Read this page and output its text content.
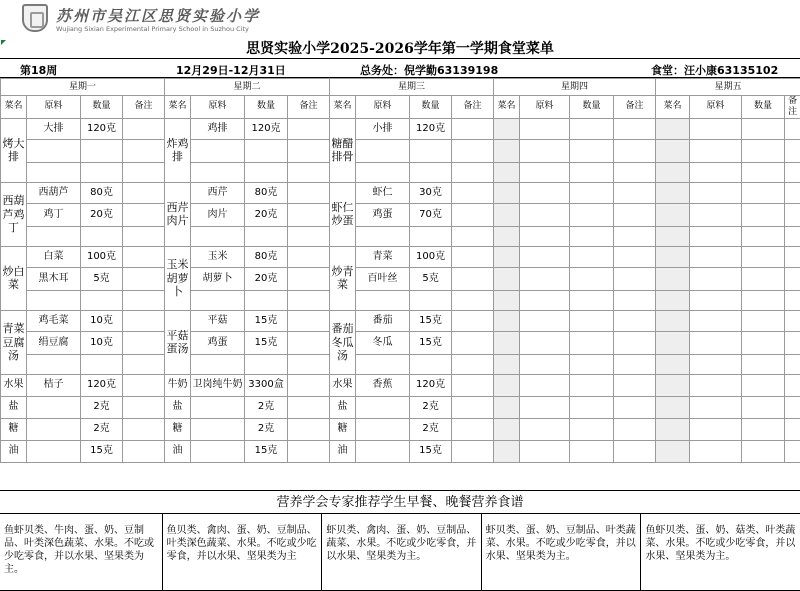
苏州市吴江区思贤实验小学
Wujiang Sixian Experimental Primary School in Suzhou City
思贤实验小学2025-2026学年第一学期食堂菜单
第18周	12月29日-12月31日	总务处：倪学勤63139198	食堂：汪小康63135102
星期一				星期二				星期三				星期四				星期五			
菜名	原料	数量	备注	菜名	原料	数量	备注	菜名	原料	数量	备注	菜名	原料	数量	备注	菜名	原料	数量	备注
烤大排	大排	120克		炸鸡排	鸡排	120克		糖醋排骨	小排	120克									

西葫芦鸡丁	西葫芦	80克		西芹肉片	西芹	80克		虾仁炒蛋	虾仁	30克									
	鸡丁	20克			肉片	20克			鸡蛋	70克									

炒白菜	白菜	100克		玉米胡萝卜	玉米	80克		炒青菜	青菜	100克									
	黑木耳	5克			胡萝卜	20克			百叶丝	5克									

青菜豆腐汤	鸡毛菜	10克		平菇蛋汤	平菇	15克		番茄冬瓜汤	番茄	15克									
	绢豆腐	10克			鸡蛋	15克			冬瓜	15克									

水果	桔子	120克		牛奶	卫岗纯牛奶	3300盒		水果	香蕉	120克									
盐		2克		盐		2克		盐		2克									
糖		2克		糖		2克		糖		2克									
油		15克		油		15克		油		15克									
营养学会专家推荐学生早餐、晚餐营养食谱
鱼虾贝类、牛肉、蛋、奶、豆制品、叶类深色蔬菜、水果。不吃或少吃零食，并以水果、坚果类为主。
鱼贝类、禽肉、蛋、奶、豆制品、叶类深色蔬菜、水果。不吃或少吃零食，并以水果、坚果类为主
虾贝类、禽肉、蛋、奶、豆制品、蔬菜、水果。不吃或少吃零食，并以水果、坚果类为主。
虾贝类、蛋、奶、豆制品、叶类蔬菜、水果。不吃或少吃零食，并以水果、坚果类为主。
鱼虾贝类、蛋、奶、菇类、叶类蔬菜、水果。不吃或少吃零食，并以水果、坚果类为主。
